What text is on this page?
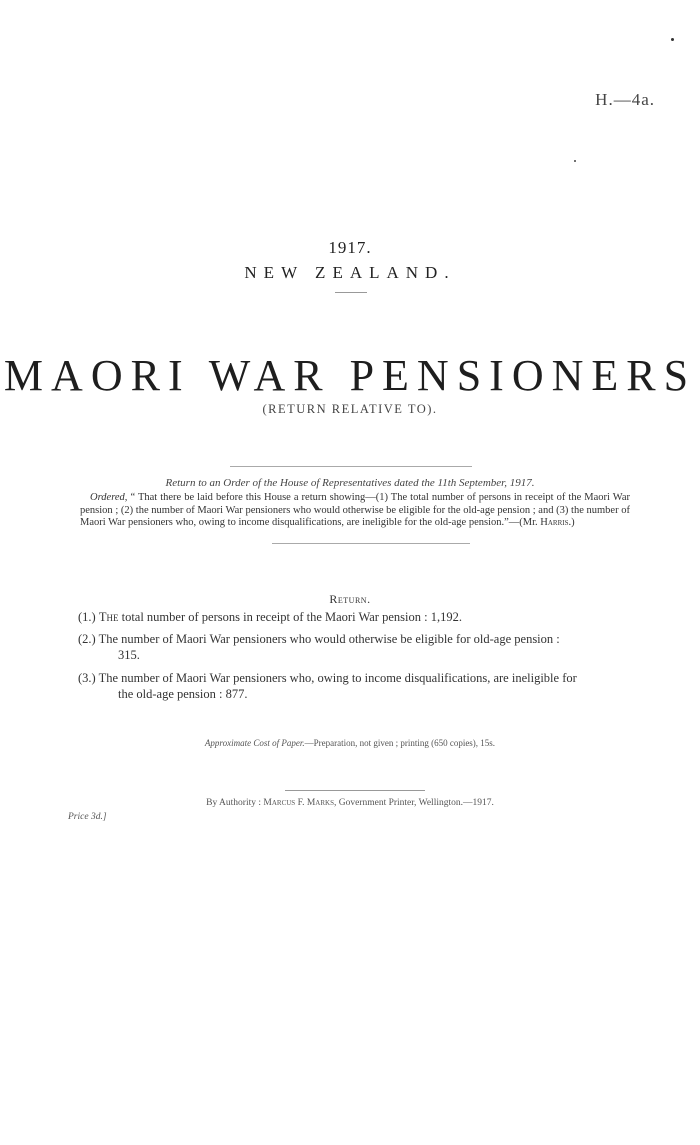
H.—4a.
1917.
NEW ZEALAND.
MAORI WAR PENSIONERS
(RETURN RELATIVE TO).
Return to an Order of the House of Representatives dated the 11th September, 1917.
Ordered, “ That there be laid before this House a return showing—(1) The total number of persons in receipt of the Maori War pension ; (2) the number of Maori War pensioners who would otherwise be eligible for the old-age pension ; and (3) the number of Maori War pensioners who, owing to income disqualifications, are ineligible for the old-age pension.”—(Mr. Harris.)
Return.
(1.) The total number of persons in receipt of the Maori War pension : 1,192.
(2.) The number of Maori War pensioners who would otherwise be eligible for old-age pension :
315.
(3.) The number of Maori War pensioners who, owing to income disqualifications, are ineligible for
the old-age pension : 877.
Approximate Cost of Paper.—Preparation, not given ; printing (650 copies), 15s.
By Authority : Marcus F. Marks, Government Printer, Wellington.—1917.
Price 3d.]
